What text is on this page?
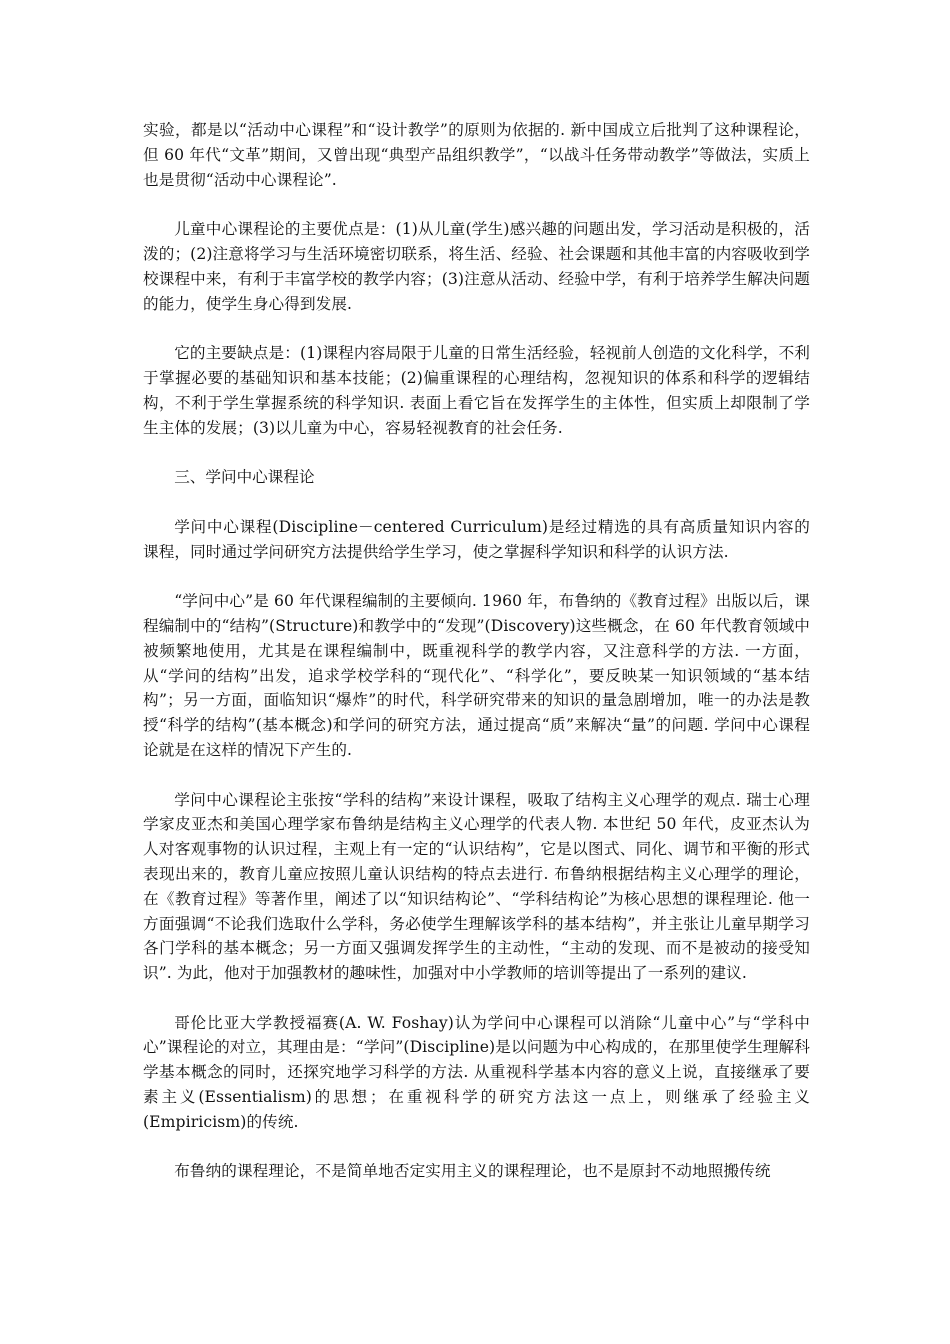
实验，都是以“活动中心课程”和“设计教学”的原则为依据的. 新中国成立后批判了这种课程论，但 60 年代“文革”期间，又曾出现“典型产品组织教学”，“以战斗任务带动教学”等做法，实质上也是贯彻“活动中心课程论”.

儿童中心课程论的主要优点是：(1)从儿童(学生)感兴趣的问题出发，学习活动是积极的，活泼的；(2)注意将学习与生活环境密切联系，将生活、经验、社会课题和其他丰富的内容吸收到学校课程中来，有利于丰富学校的教学内容；(3)注意从活动、经验中学，有利于培养学生解决问题的能力，使学生身心得到发展.

它的主要缺点是：(1)课程内容局限于儿童的日常生活经验，轻视前人创造的文化科学，不利于掌握必要的基础知识和基本技能；(2)偏重课程的心理结构，忽视知识的体系和科学的逻辑结构，不利于学生掌握系统的科学知识. 表面上看它旨在发挥学生的主体性，但实质上却限制了学生主体的发展；(3)以儿童为中心，容易轻视教育的社会任务.

三、学问中心课程论

学问中心课程(Discipline－centered Curriculum)是经过精选的具有高质量知识内容的课程，同时通过学问研究方法提供给学生学习，使之掌握科学知识和科学的认识方法.

“学问中心”是 60 年代课程编制的主要倾向. 1960 年，布鲁纳的《教育过程》出版以后，课程编制中的“结构”(Structure)和教学中的“发现”(Discovery)这些概念，在 60 年代教育领域中被频繁地使用，尤其是在课程编制中，既重视科学的教学内容，又注意科学的方法. 一方面，从“学问的结构”出发，追求学校学科的“现代化”、“科学化”，要反映某一知识领域的“基本结构”；另一方面，面临知识“爆炸”的时代，科学研究带来的知识的量急剧增加，唯一的办法是教授“科学的结构”(基本概念)和学问的研究方法，通过提高“质”来解决“量”的问题. 学问中心课程论就是在这样的情况下产生的.

学问中心课程论主张按“学科的结构”来设计课程，吸取了结构主义心理学的观点. 瑞士心理学家皮亚杰和美国心理学家布鲁纳是结构主义心理学的代表人物. 本世纪 50 年代，皮亚杰认为人对客观事物的认识过程，主观上有一定的“认识结构”，它是以图式、同化、调节和平衡的形式表现出来的，教育儿童应按照儿童认识结构的特点去进行. 布鲁纳根据结构主义心理学的理论，在《教育过程》等著作里，阐述了以“知识结构论”、“学科结构论”为核心思想的课程理论. 他一方面强调“不论我们选取什么学科，务必使学生理解该学科的基本结构”，并主张让儿童早期学习各门学科的基本概念；另一方面又强调发挥学生的主动性，“主动的发现、而不是被动的接受知识”. 为此，他对于加强教材的趣味性，加强对中小学教师的培训等提出了一系列的建议.

哥伦比亚大学教授福赛(A. W. Foshay)认为学问中心课程可以消除“儿童中心”与“学科中心”课程论的对立，其理由是：“学问”(Discipline)是以问题为中心构成的，在那里使学生理解科学基本概念的同时，还探究地学习科学的方法. 从重视科学基本内容的意义上说，直接继承了要素主义(Essentialism)的思想；在重视科学的研究方法这一点上，则继承了经验主义(Empiricism)的传统.

布鲁纳的课程理论，不是简单地否定实用主义的课程理论，也不是原封不动地照搬传统
